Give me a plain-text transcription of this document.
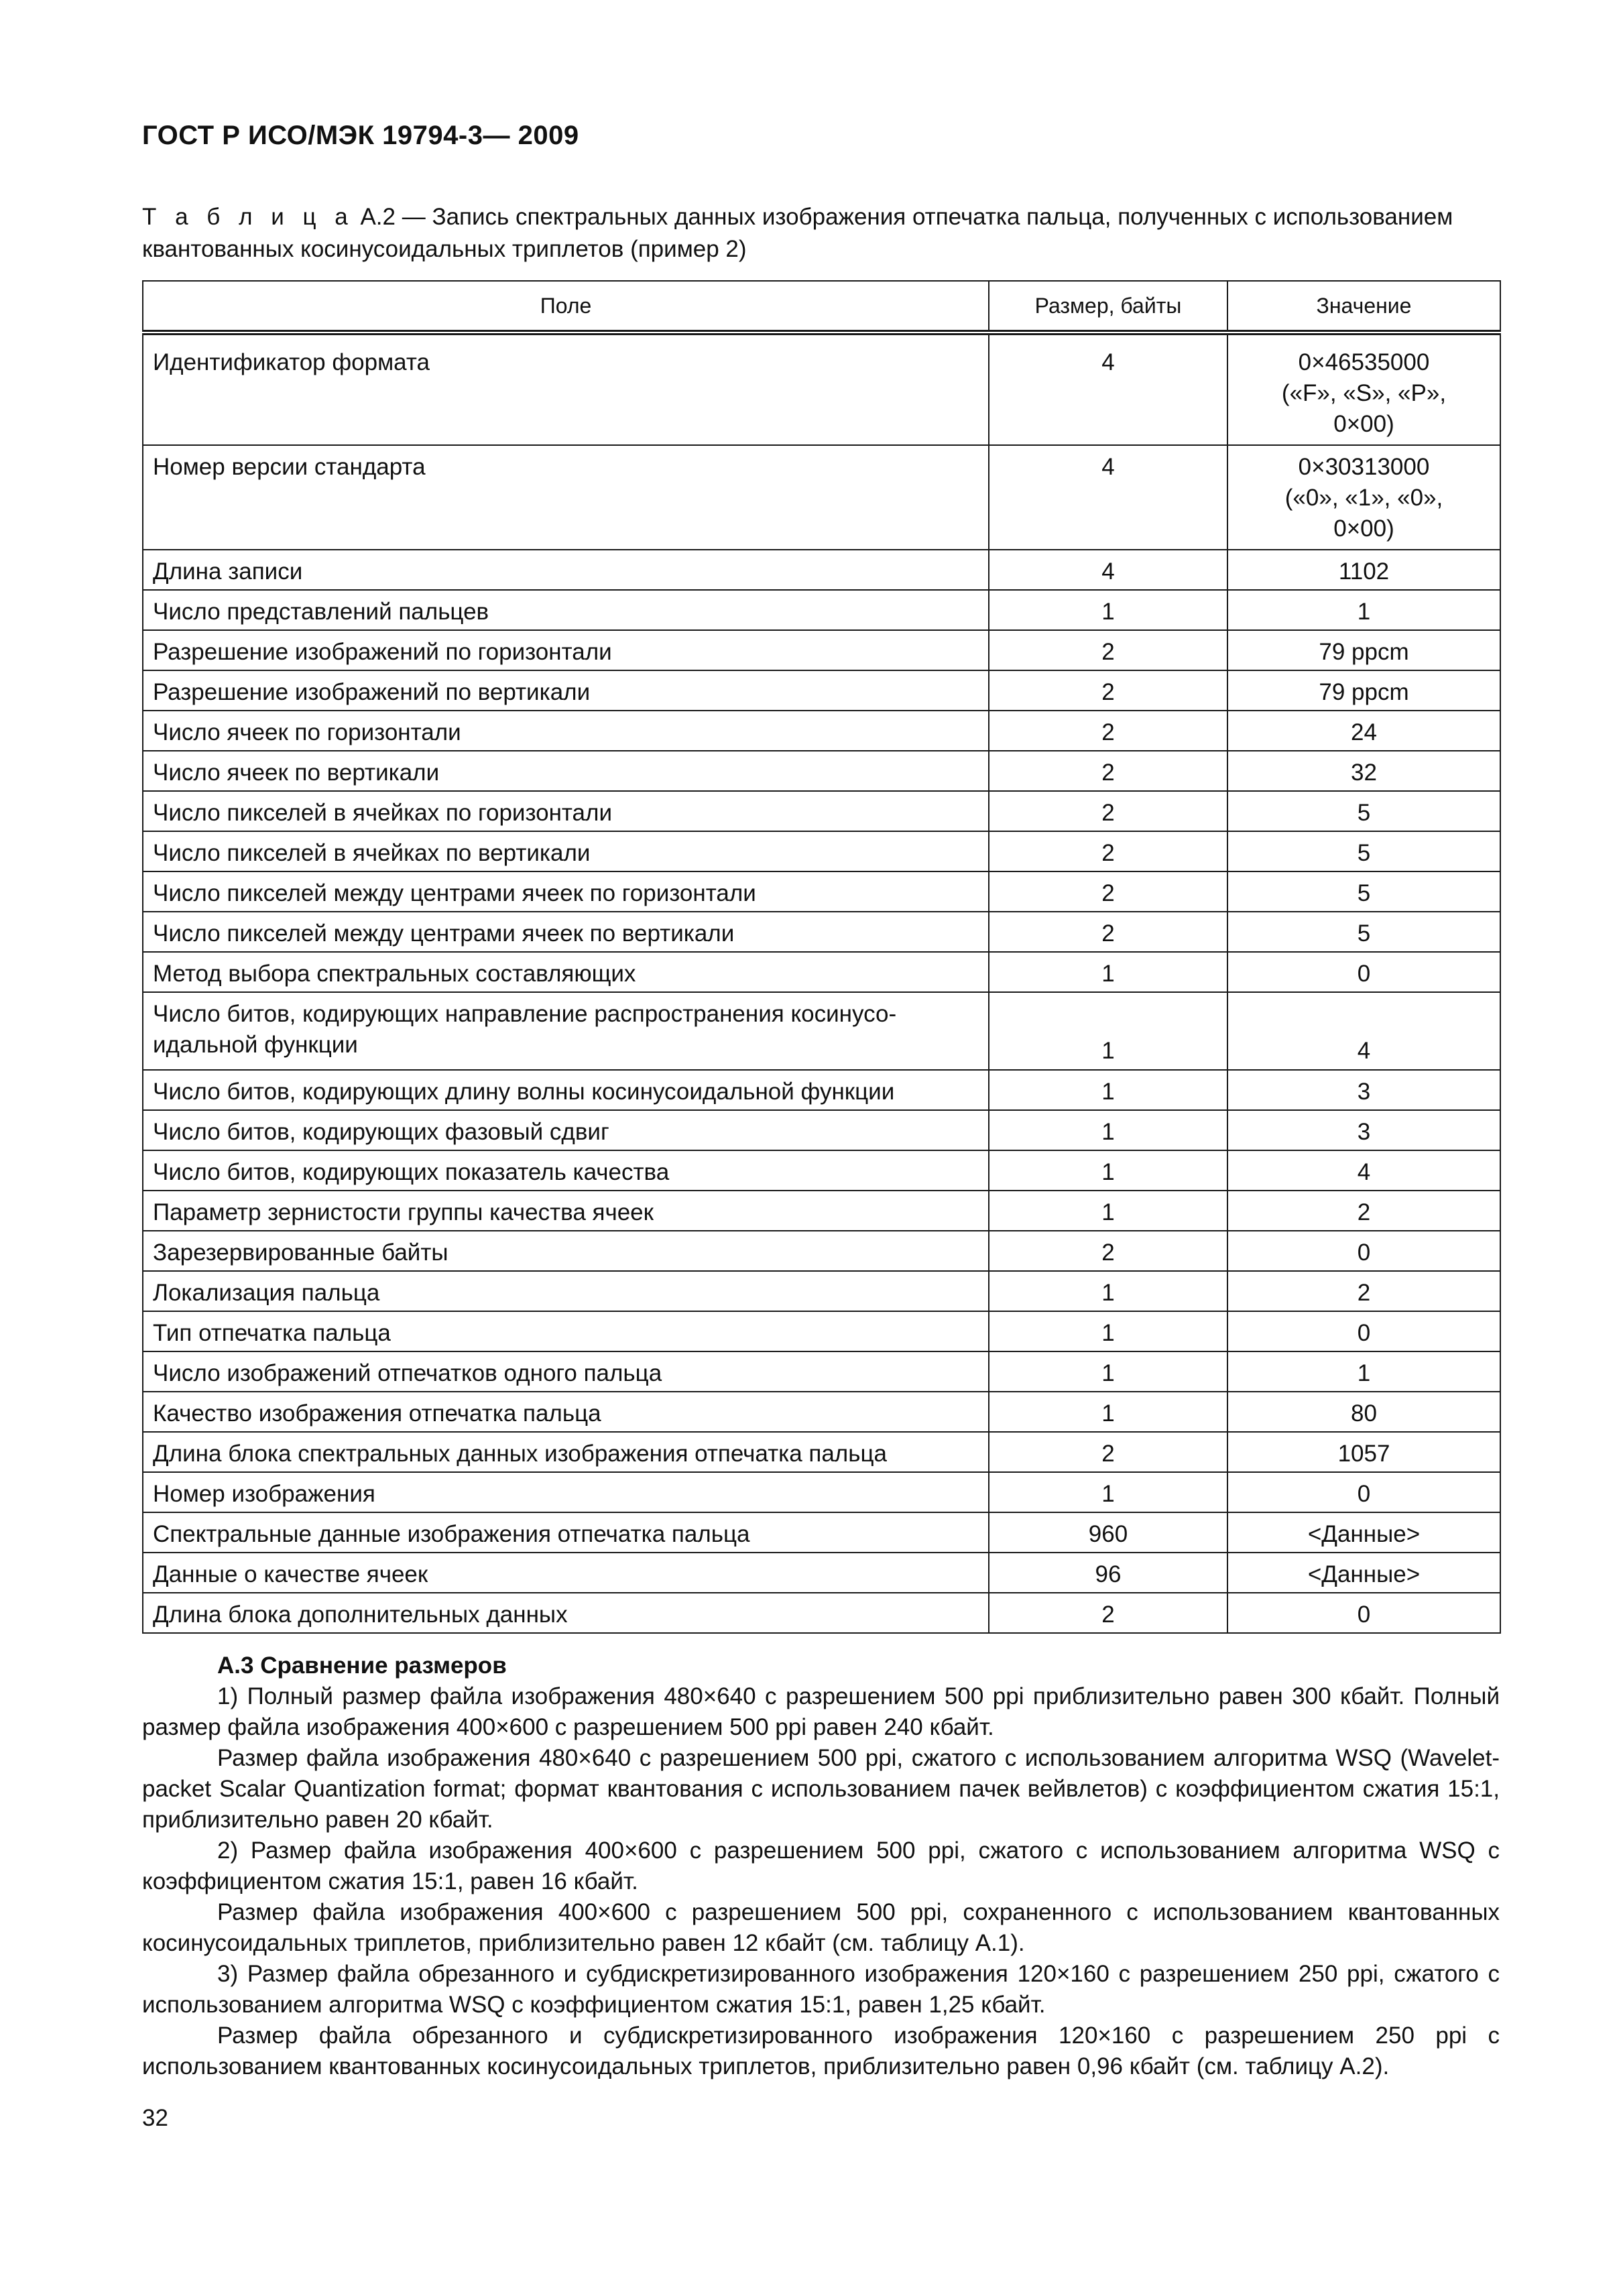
ГОСТ Р ИСО/МЭК 19794-3— 2009
Т а б л и ц а А.2 — Запись спектральных данных изображения отпечатка пальца, полученных с использованием квантованных косинусоидальных триплетов (пример 2)
Поле	Размер, байты	Значение
Идентификатор формата	4	0×46535000
(«F», «S», «P»,
0×00)
Номер версии стандарта	4	0×30313000
(«0», «1», «0»,
0×00)
Длина записи	4	1102
Число представлений пальцев	1	1
Разрешение изображений по горизонтали	2	79 ppcm
Разрешение изображений по вертикали	2	79 ppcm
Число ячеек по горизонтали	2	24
Число ячеек по вертикали	2	32
Число пикселей в ячейках по горизонтали	2	5
Число пикселей в ячейках по вертикали	2	5
Число пикселей между центрами ячеек по горизонтали	2	5
Число пикселей между центрами ячеек по вертикали	2	5
Метод выбора спектральных составляющих	1	0
Число битов, кодирующих направление распространения косинусо-
идальной функции	1	4
Число битов, кодирующих длину волны косинусоидальной функции	1	3
Число битов, кодирующих фазовый сдвиг	1	3
Число битов, кодирующих показатель качества	1	4
Параметр зернистости группы качества ячеек	1	2
Зарезервированные байты	2	0
Локализация пальца	1	2
Тип отпечатка пальца	1	0
Число изображений отпечатков одного пальца	1	1
Качество изображения отпечатка пальца	1	80
Длина блока спектральных данных изображения отпечатка пальца	2	1057
Номер изображения	1	0
Спектральные данные изображения отпечатка пальца	960	<Данные>
Данные о качестве ячеек	96	<Данные>
Длина блока дополнительных данных	2	0
А.3 Сравнение размеров

1) Полный размер файла изображения 480×640 с разрешением 500 ppi приблизительно равен 300 кбайт. Полный размер файла изображения 400×600 с разрешением 500 ppi равен 240 кбайт.

Размер файла изображения 480×640 с разрешением 500 ppi, сжатого с использованием алгоритма WSQ (Wavelet-packet Scalar Quantization format; формат квантования с использованием пачек вейвлетов) с коэффициентом сжатия 15:1, приблизительно равен 20 кбайт.

2) Размер файла изображения 400×600 с разрешением 500 ppi, сжатого с использованием алгоритма WSQ с коэффициентом сжатия 15:1, равен 16 кбайт.

Размер файла изображения 400×600 с разрешением 500 ppi, сохраненного с использованием квантованных косинусоидальных триплетов, приблизительно равен 12 кбайт (см. таблицу А.1).

3) Размер файла обрезанного и субдискретизированного изображения 120×160 с разрешением 250 ppi, сжатого с использованием алгоритма WSQ с коэффициентом сжатия 15:1, равен 1,25 кбайт.

Размер файла обрезанного и субдискретизированного изображения 120×160 с разрешением 250 ppi с использованием квантованных косинусоидальных триплетов, приблизительно равен 0,96 кбайт (см. таблицу А.2).

32
